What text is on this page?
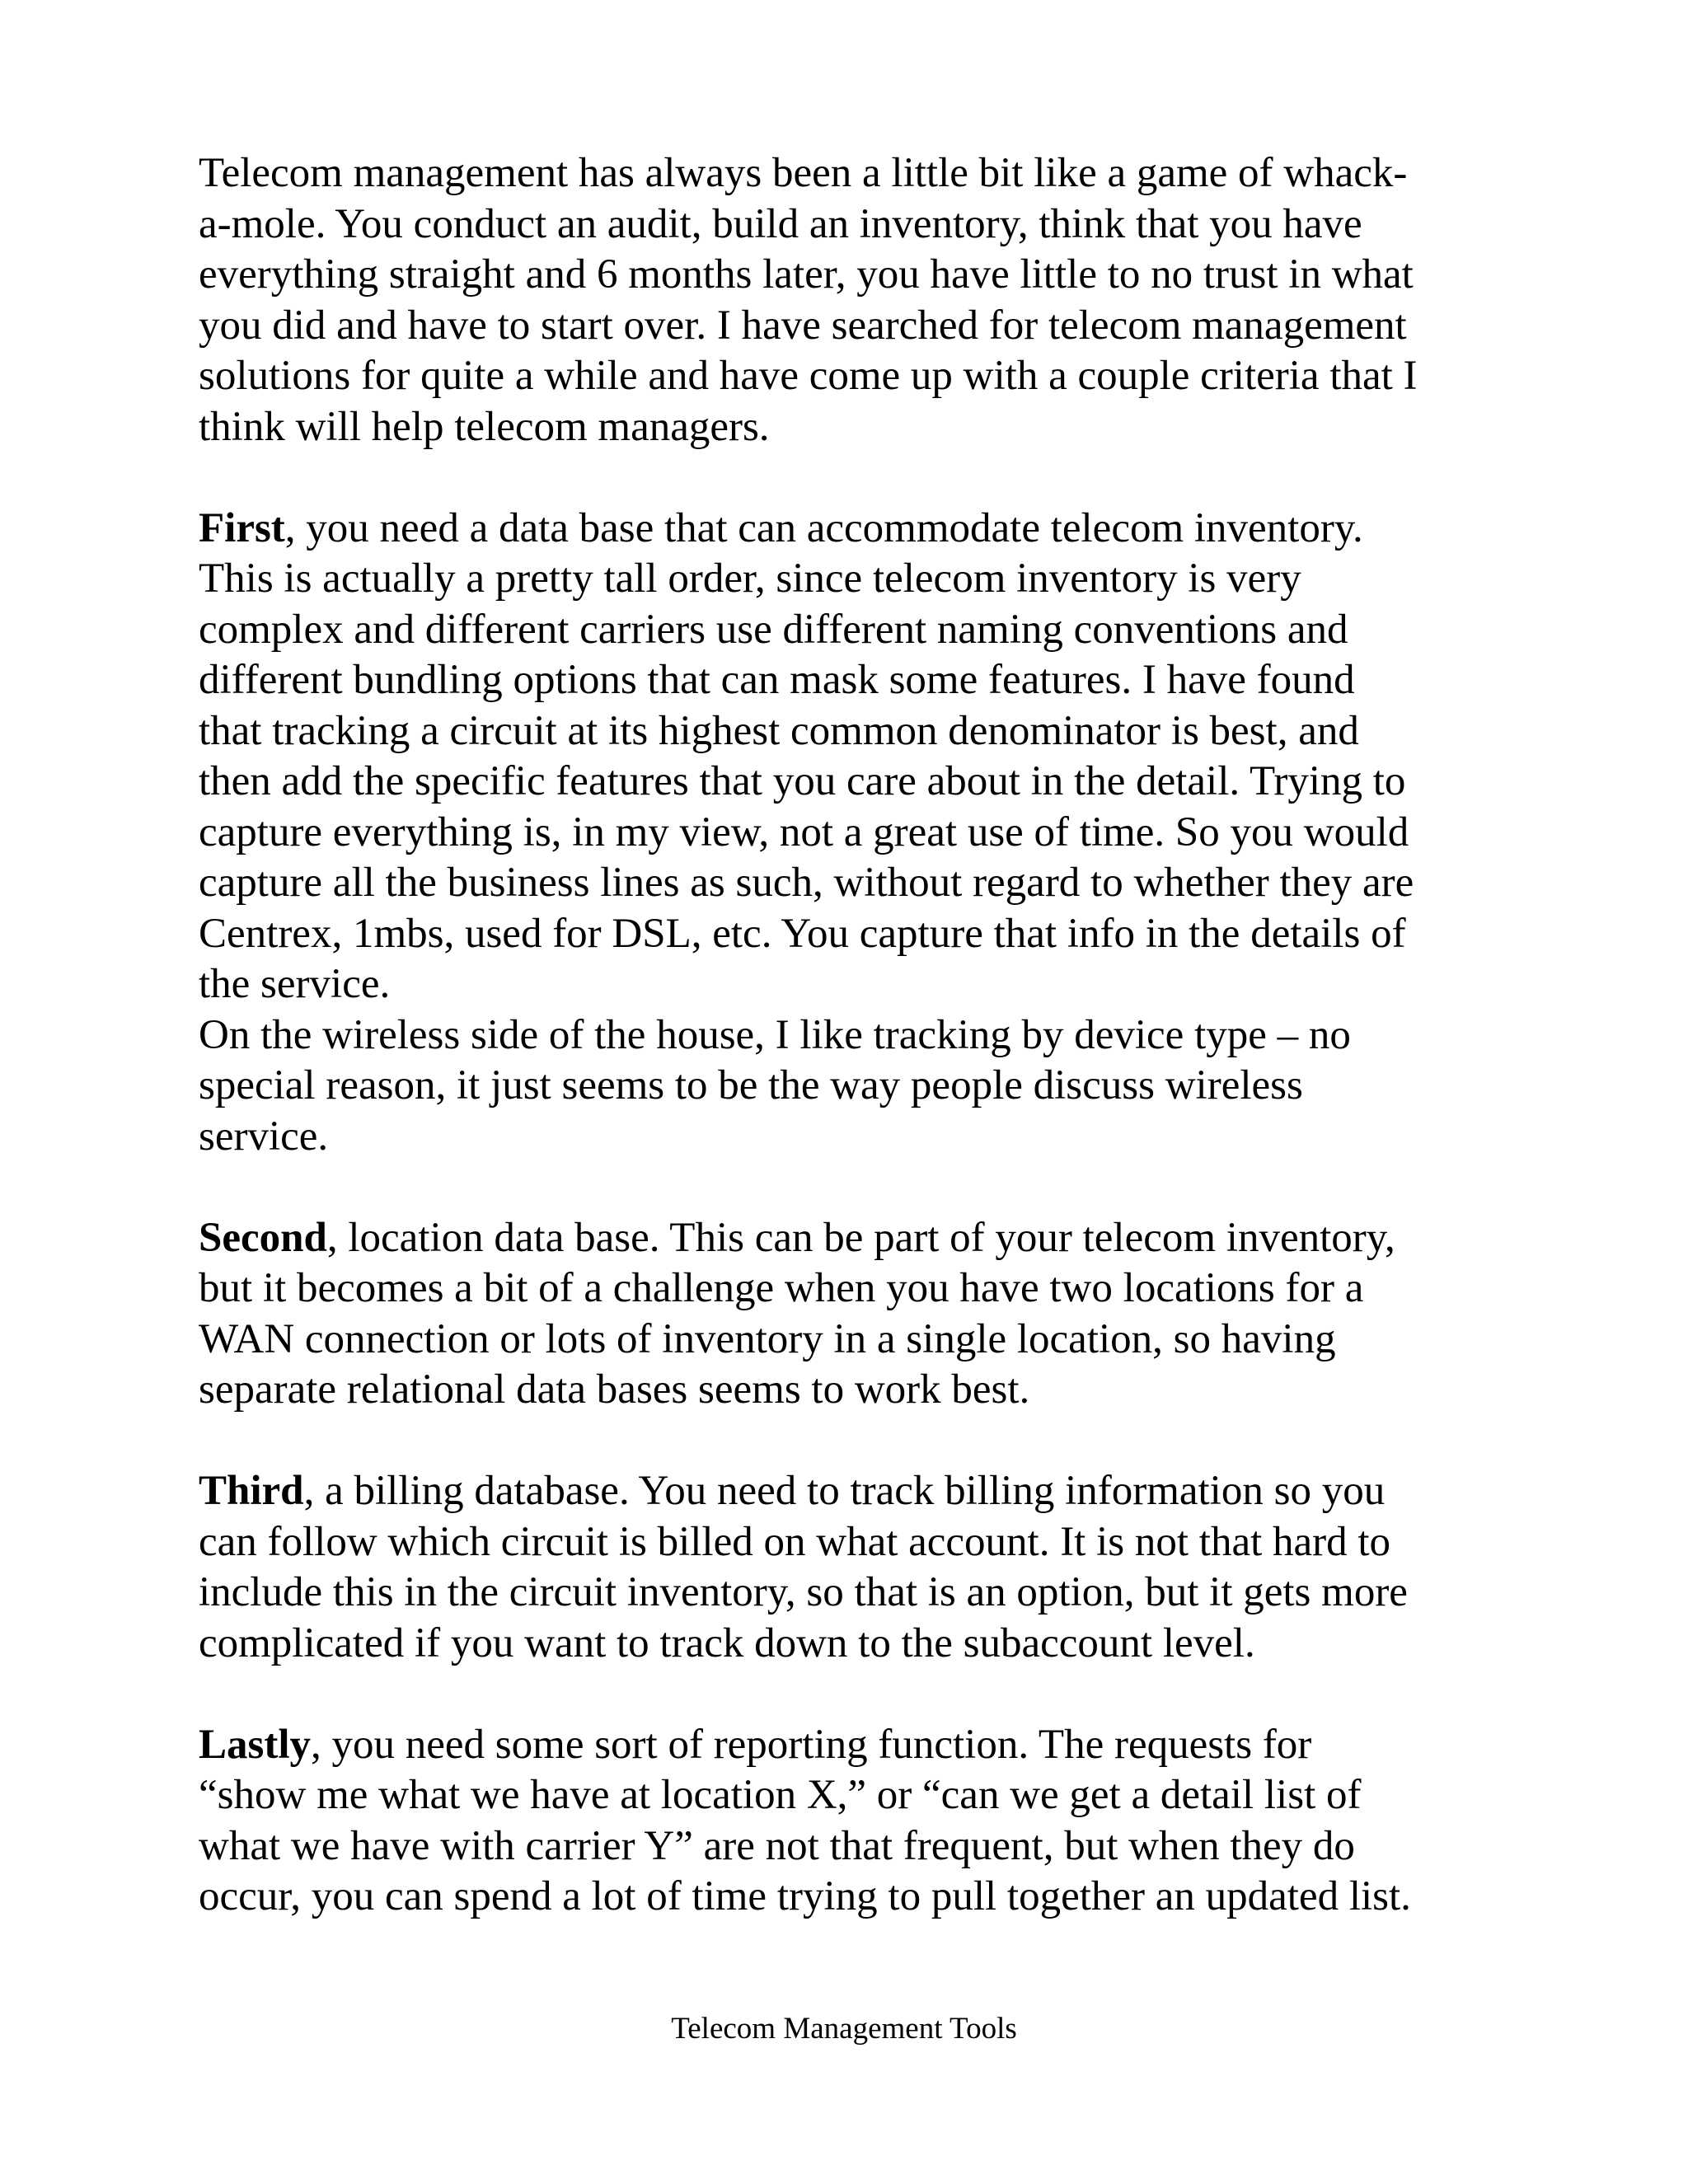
Telecom management has always been a little bit like a game of whack-
a-mole. You conduct an audit, build an inventory, think that you have
everything straight and 6 months later, you have little to no trust in what
you did and have to start over. I have searched for telecom management
solutions for quite a while and have come up with a couple criteria that I
think will help telecom managers.
First, you need a data base that can accommodate telecom inventory.
This is actually a pretty tall order, since telecom inventory is very
complex and different carriers use different naming conventions and
different bundling options that can mask some features. I have found
that tracking a circuit at its highest common denominator is best, and
then add the specific features that you care about in the detail. Trying to
capture everything is, in my view, not a great use of time. So you would
capture all the business lines as such, without regard to whether they are
Centrex, 1mbs, used for DSL, etc. You capture that info in the details of
the service.
On the wireless side of the house, I like tracking by device type – no
special reason, it just seems to be the way people discuss wireless
service.
Second, location data base. This can be part of your telecom inventory,
but it becomes a bit of a challenge when you have two locations for a
WAN connection or lots of inventory in a single location, so having
separate relational data bases seems to work best.
Third, a billing database. You need to track billing information so you
can follow which circuit is billed on what account. It is not that hard to
include this in the circuit inventory, so that is an option, but it gets more
complicated if you want to track down to the subaccount level.
Lastly, you need some sort of reporting function. The requests for
“show me what we have at location X,” or “can we get a detail list of
what we have with carrier Y” are not that frequent, but when they do
occur, you can spend a lot of time trying to pull together an updated list.
Telecom Management Tools
